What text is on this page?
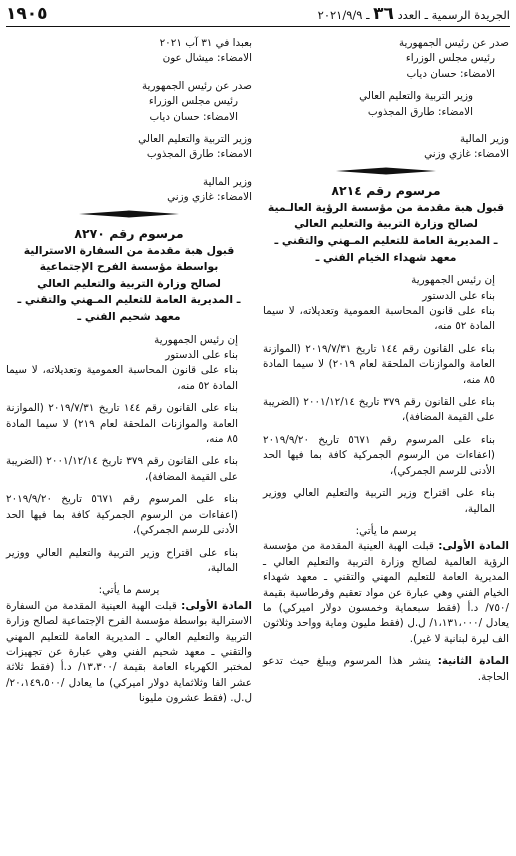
الجريدة الرسمية ـ العدد ٣٦ ـ ٢٠٢١/٩/٩
١٩٠٥

صدر عن رئيس الجمهورية

رئيس مجلس الوزراء

الامضاء: حسان دياب

وزير التربية والتعليم العالي

الامضاء: طارق المجذوب

وزير المالية

الامضاء: غازي وزني

مرسوم رقم ٨٢١٤
قبول هبة مقدمة من مؤسسة الرؤية العالـمية
لصالح وزارة التربية والتعليم العالي
ـ المديرية العامة للتعليم المـهني والتقني ـ
معهد شهداء الخيام الفني ـ

إن رئيس الجمهورية

بناء على الدستور

بناء على قانون المحاسبة العمومية وتعديلاته، لا سيما المادة ٥٢ منه،

بناء على القانون رقم ١٤٤ تاريخ ٢٠١٩/٧/٣١ (الموازنة العامة والموازنات الملحقة لعام ٢٠١٩) لا سيما المادة ٨٥ منه،

بناء على القانون رقم ٣٧٩ تاريخ ٢٠٠١/١٢/١٤ (الضريبة على القيمة المضافة)،

بناء على المرسوم رقم ٥٦٧١ تاريخ ٢٠١٩/٩/٢٠ (اعفاءات من الرسوم الجمركية كافة بما فيها الحد الأدنى للرسم الجمركي)،

بناء على اقتراح وزير التربية والتعليم العالي ووزير المالية،

يرسم ما يأتي:

المادة الأولى: قبلت الهبة العينية المقدمة من مؤسسة الرؤية العالمية لصالح وزارة التربية والتعليم العالي ـ المديرية العامة للتعليم المهني والتقني ـ معهد شهداء الخيام الفني وهي عبارة عن مواد تعقيم وقرطاسية بقيمة /٧٥٠/ د.أ (فقط سبعماية وخمسون دولار اميركي) ما يعادل /١،١٣١،٠٠٠/ ل.ل (فقط مليون وماية وواحد وثلاثون الف ليرة لبنانية لا غير).

المادة الثانية: ينشر هذا المرسوم ويبلغ حيث تدعو الحاجة.

بعبدا في ٣١ آب ٢٠٢١

الامضاء: ميشال عون

صدر عن رئيس الجمهورية

رئيس مجلس الوزراء

الامضاء: حسان دياب

وزير التربية والتعليم العالي

الامضاء: طارق المجذوب

وزير المالية

الامضاء: غازي وزني

مرسوم رقم ٨٢٧٠
قبول هبة مقدمة من السفارة الاسترالية
بواسطة مؤسسة الفرح الإجتماعية
لصالح وزارة التربية والتعليم العالي
ـ المديرية العامة للتعليم المـهني والتقني ـ
معهد شحيم الفني ـ

إن رئيس الجمهورية

بناء على الدستور

بناء على قانون المحاسبة العمومية وتعديلاته، لا سيما المادة ٥٢ منه،

بناء على القانون رقم ١٤٤ تاريخ ٢٠١٩/٧/٣١ (الموازنة العامة والموازنات الملحقة لعام ٢١٩) لا سيما المادة ٨٥ منه،

بناء على القانون رقم ٣٧٩ تاريخ ٢٠٠١/١٢/١٤ (الضريبة على القيمة المضافة)،

بناء على المرسوم رقم ٥٦٧١ تاريخ ٢٠١٩/٩/٢٠ (اعفاءات من الرسوم الجمركية كافة بما فيها الحد الأدنى للرسم الجمركي)،

بناء على اقتراح وزير التربية والتعليم العالي ووزير المالية،

يرسم ما يأتي:

المادة الأولى: قبلت الهبة العينية المقدمة من السفارة الاسترالية بواسطة مؤسسة الفرح الإجتماعية لصالح وزارة التربية والتعليم العالي ـ المديرية العامة للتعليم المهني والتقني ـ معهد شحيم الفني وهي عبارة عن تجهيزات لمختبر الكهرباء العامة بقيمة /١٣،٣٠٠/ د.أ (فقط ثلاثة عشر الفا وثلاثماية دولار اميركي) ما يعادل /٢٠،١٤٩،٥٠٠/ ل.ل. (فقط عشرون مليونا
